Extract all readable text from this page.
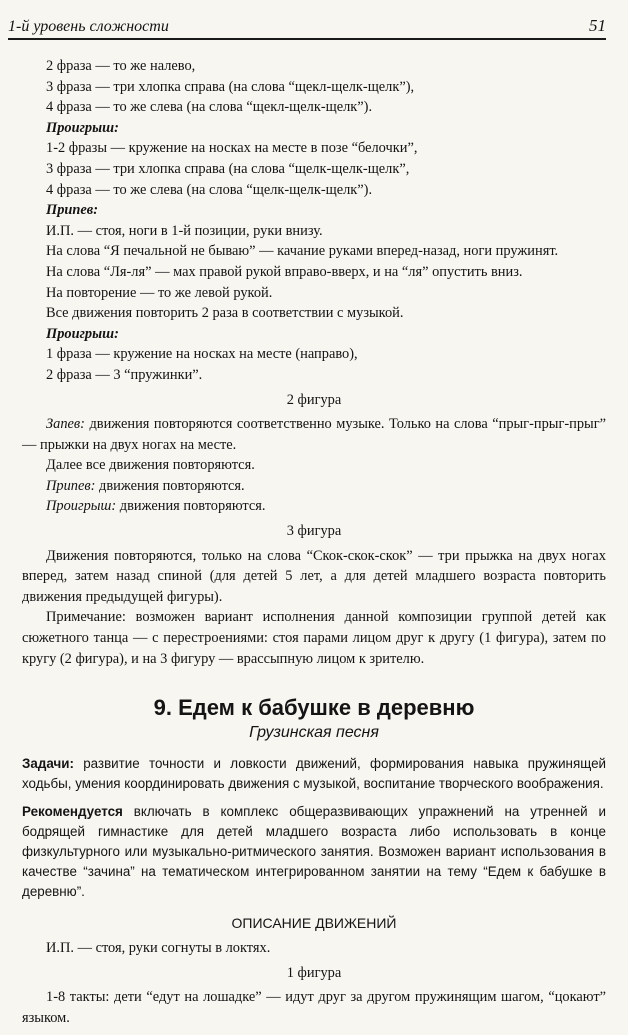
1-й уровень сложности	51

2 фраза — то же налево,

3 фраза — три хлопка справа (на слова “щекл-щелк-щелк”),

4 фраза — то же слева (на слова “щекл-щелк-щелк”).

Проигрыш:

1-2 фразы — кружение на носках на месте в позе “белочки”,

3 фраза — три хлопка справа (на слова “щелк-щелк-щелк”,

4 фраза — то же слева (на слова “щелк-щелк-щелк”).

Припев:

И.П. — стоя, ноги в 1-й позиции, руки внизу.

На слова “Я печальной не бываю” — качание руками вперед-назад, ноги пружинят.

На слова “Ля-ля” — мах правой рукой вправо-вверх, и на “ля” опустить вниз.

На повторение — то же левой рукой.

Все движения повторить 2 раза в соответствии с музыкой.

Проигрыш:

1 фраза — кружение на носках на месте (направо),

2 фраза — 3 “пружинки”.

2 фигура

Запев: движения повторяются соответственно музыке. Только на слова “прыг-прыг-прыг” — прыжки на двух ногах на месте.

Далее все движения повторяются.

Припев: движения повторяются.

Проигрыш: движения повторяются.

3 фигура

Движения повторяются, только на слова “Скок-скок-скок” — три прыжка на двух ногах вперед, затем назад спиной (для детей 5 лет, а для детей младшего возраста повторить движения предыдущей фигуры).

Примечание: возможен вариант исполнения данной композиции группой детей как сюжетного танца — с перестроениями: стоя парами лицом друг к другу (1 фигура), затем по кругу (2 фигура), и на 3 фигуру — врассыпную лицом к зрителю.

9. Едем к бабушке в деревню

Грузинская песня

Задачи: развитие точности и ловкости движений, формирования навыка пружинящей ходьбы, умения координировать движения с музыкой, воспитание творческого воображения.

Рекомендуется включать в комплекс общеразвивающих упражнений на утренней и бодрящей гимнастике для детей младшего возраста либо использовать в конце физкультурного или музыкально-ритмического занятия. Возможен вариант использования в качестве “зачина” на тематическом интегрированном занятии на тему “Едем к бабушке в деревню”.

ОПИСАНИЕ ДВИЖЕНИЙ

И.П. — стоя, руки согнуты в локтях.

1 фигура

1-8 такты: дети “едут на лошадке” — идут друг за другом пружинящим шагом, “цокают” языком.
